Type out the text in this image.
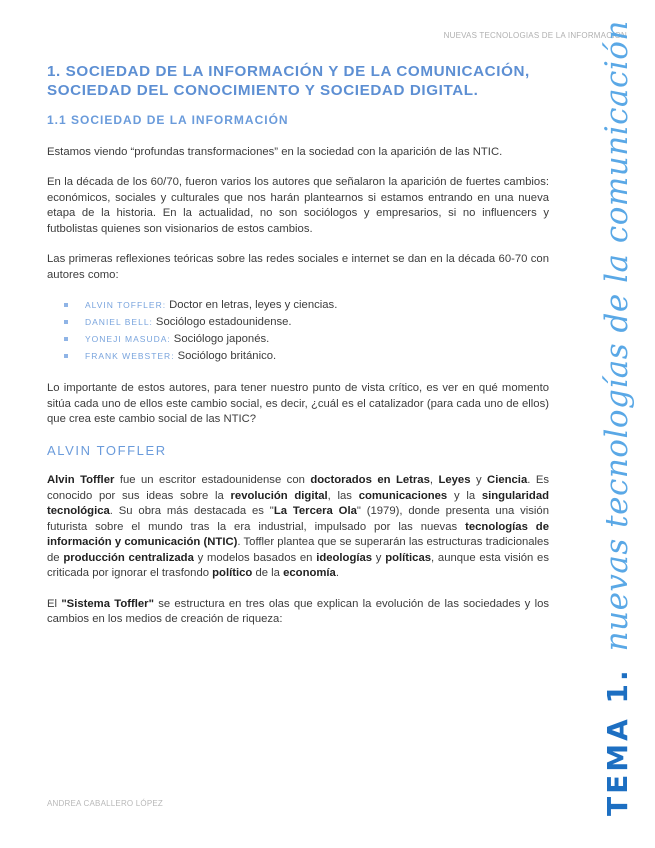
NUEVAS TECNOLOGIAS DE LA INFORMACION
TEMA 1.nuevas tecnologías de la comunicación
1. SOCIEDAD DE LA INFORMACIÓN Y DE LA COMUNICACIÓN,
SOCIEDAD DEL CONOCIMIENTO Y SOCIEDAD DIGITAL.
1.1 SOCIEDAD DE LA INFORMACIÓN

Estamos viendo “profundas transformaciones” en la sociedad con la aparición de las NTIC.

En la década de los 60/70, fueron varios los autores que señalaron la aparición de fuertes cambios: económicos, sociales y culturales que nos harán plantearnos si estamos entrando en una nueva etapa de la historia. En la actualidad, no son sociólogos y empresarios, si no influencers y futbolistas quienes son visionarios de estos cambios.

Las primeras reflexiones teóricas sobre las redes sociales e internet se dan en la década 60-70 con autores como:

ALVIN TOFFLER: Doctor en letras, leyes y ciencias.
DANIEL BELL: Sociólogo estadounidense.
YONEJI MASUDA: Sociólogo japonés.
FRANK WEBSTER: Sociólogo británico.

Lo importante de estos autores, para tener nuestro punto de vista crítico, es ver en qué momento sitúa cada uno de ellos este cambio social, es decir, ¿cuál es el catalizador (para cada uno de ellos) que crea este cambio social de las NTIC?

ALVIN TOFFLER

Alvin Toffler fue un escritor estadounidense con doctorados en Letras, Leyes y Ciencia. Es conocido por sus ideas sobre la revolución digital, las comunicaciones y la singularidad tecnológica. Su obra más destacada es "La Tercera Ola" (1979), donde presenta una visión futurista sobre el mundo tras la era industrial, impulsado por las nuevas tecnologías de información y comunicación (NTIC). Toffler plantea que se superarán las estructuras tradicionales de producción centralizada y modelos basados en ideologías y políticas, aunque esta visión es criticada por ignorar el trasfondo político de la economía.

El "Sistema Toffler" se estructura en tres olas que explican la evolución de las sociedades y los cambios en los medios de creación de riqueza:

ANDREA CABALLERO LÓPEZ
